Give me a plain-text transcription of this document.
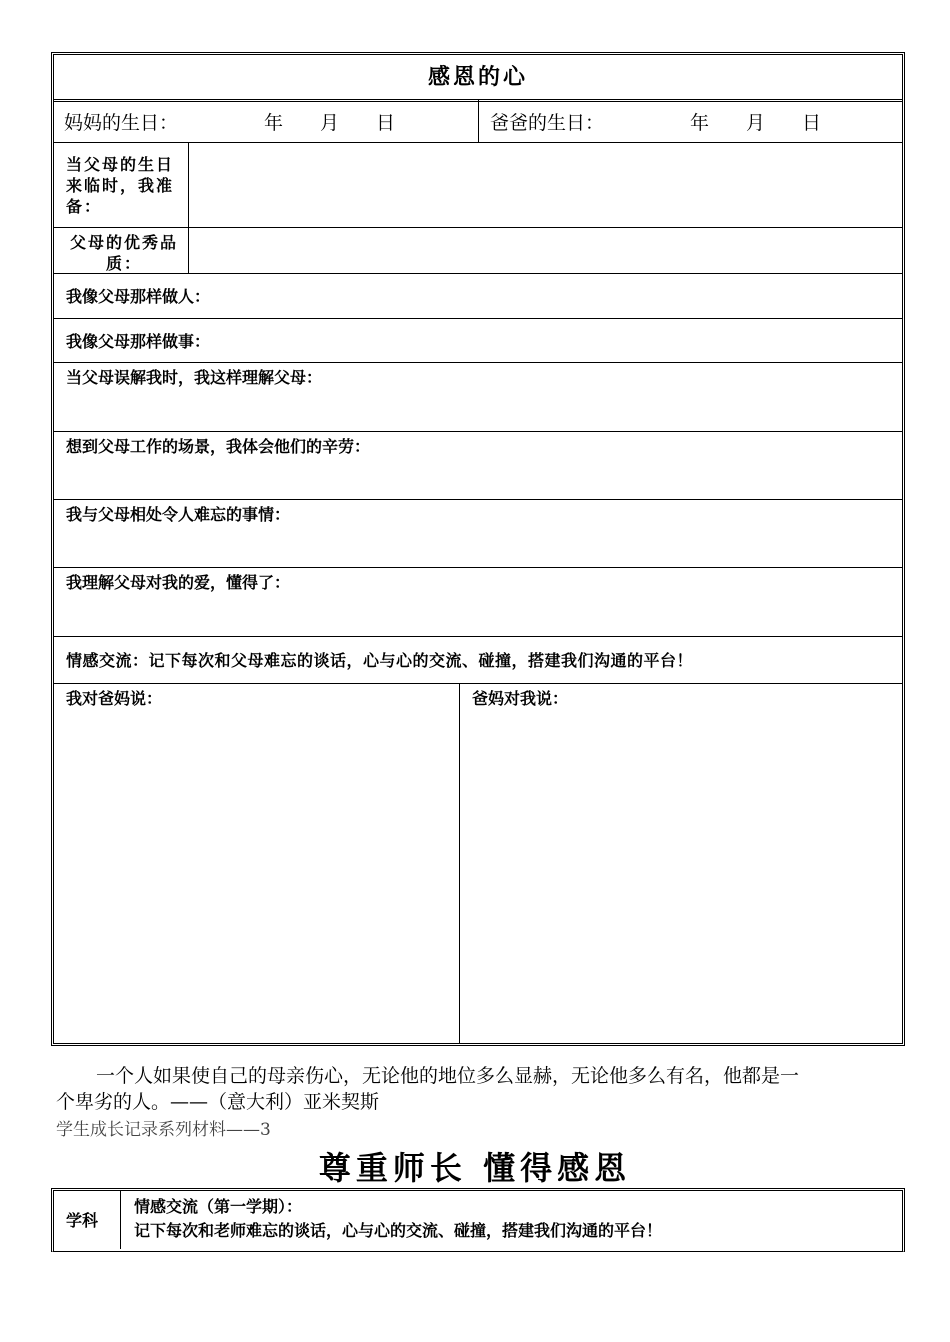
感恩的心
妈妈的生日：	年 月 日	爸爸的生日：	年 月 日
当父母的生日来临时，我准备：
父母的优秀品质：
我像父母那样做人：
我像父母那样做事：
当父母误解我时，我这样理解父母：
想到父母工作的场景，我体会他们的辛劳：
我与父母相处令人难忘的事情：
我理解父母对我的爱，懂得了：
情感交流：记下每次和父母难忘的谈话，心与心的交流、碰撞，搭建我们沟通的平台！
我对爸妈说：	爸妈对我说：
一个人如果使自己的母亲伤心，无论他的地位多么显赫，无论他多么有名，他都是一
个卑劣的人。——（意大利）亚米契斯
学生成长记录系列材料——3
尊重师长 懂得感恩
学科
情感交流（第一学期）：
记下每次和老师难忘的谈话，心与心的交流、碰撞，搭建我们沟通的平台！
